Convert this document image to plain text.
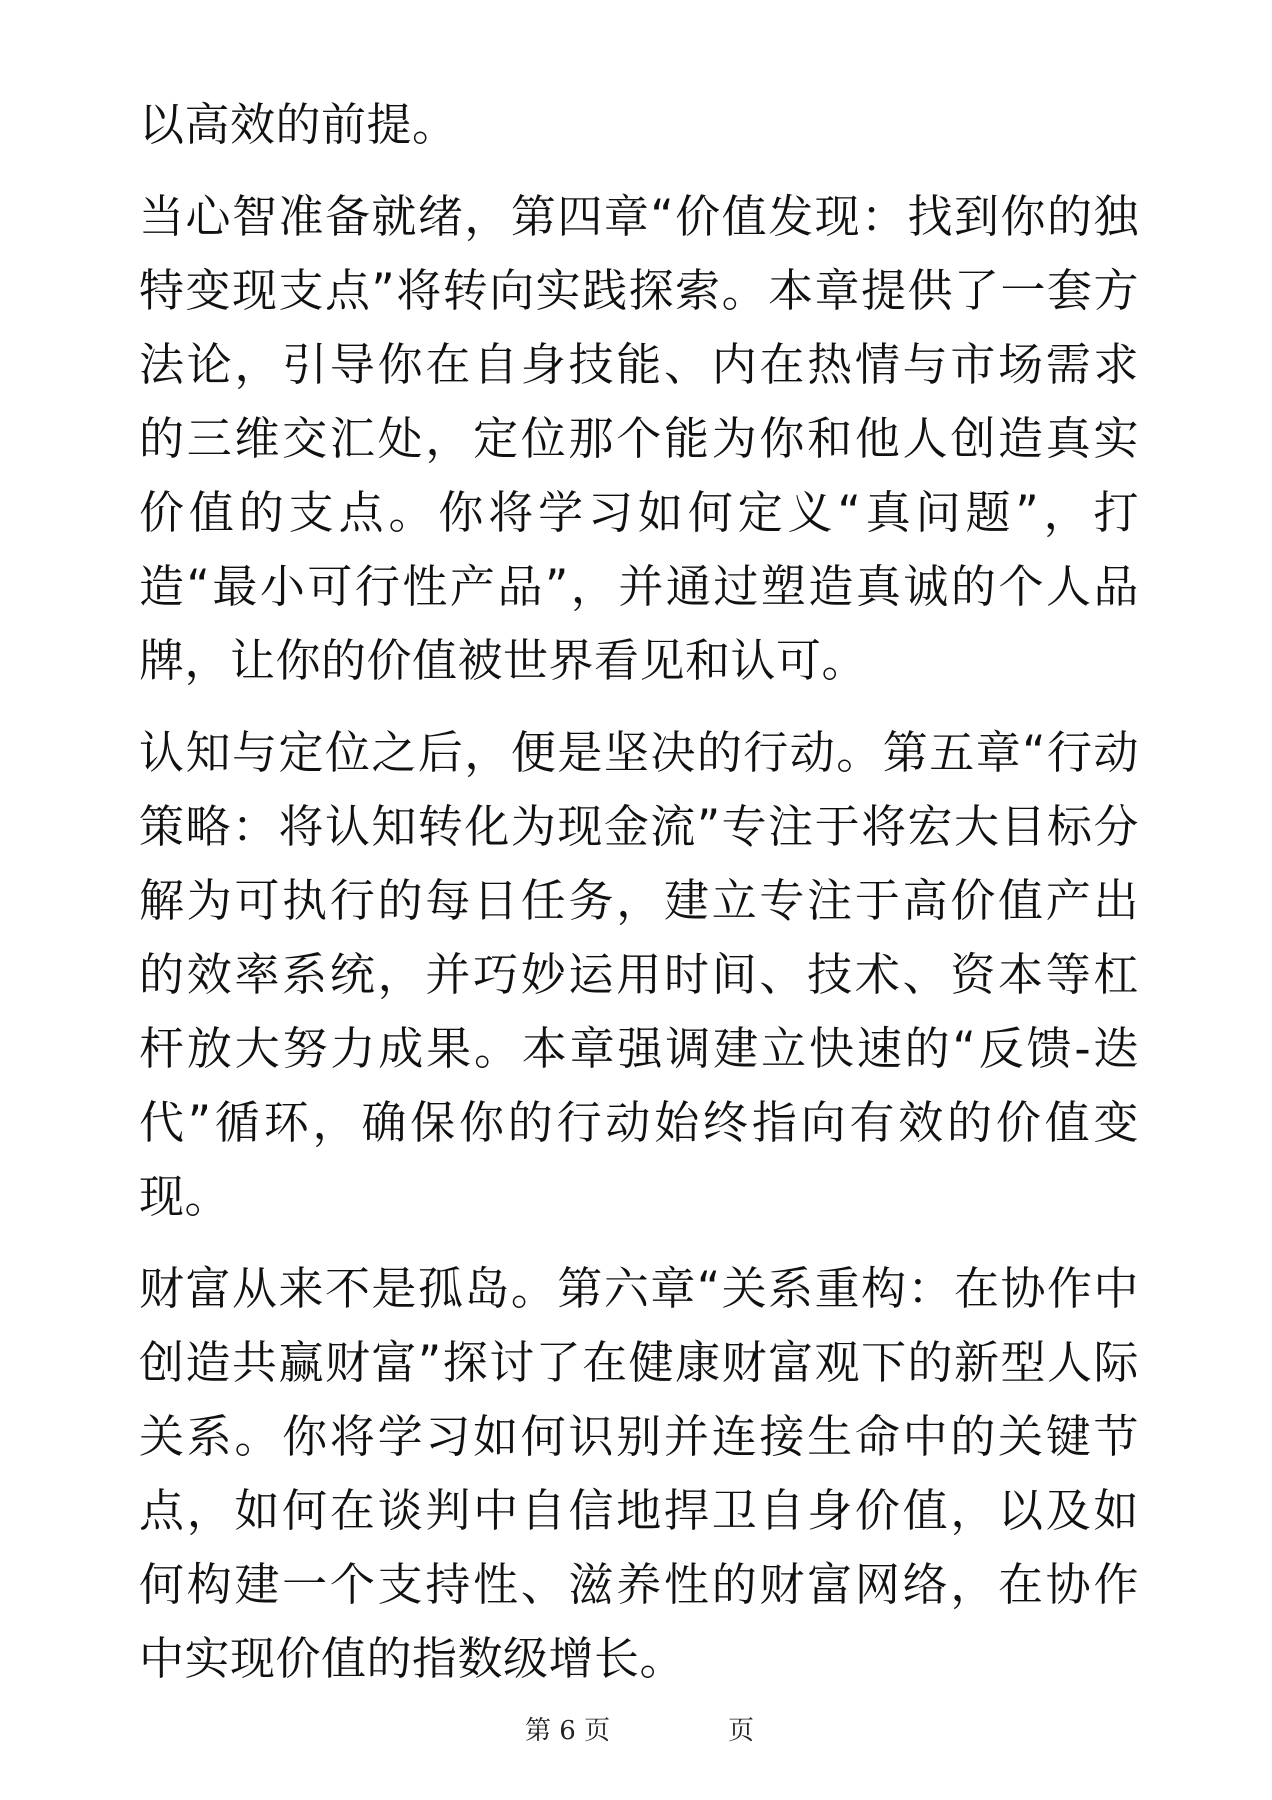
以高效的前提。

当心智准备就绪，第四章“价值发现：找到你的独特变现支点”将转向实践探索。本章提供了一套方法论，引导你在自身技能、内在热情与市场需求的三维交汇处，定位那个能为你和他人创造真实价值的支点。你将学习如何定义“真问题”，打造“最小可行性产品”，并通过塑造真诚的个人品牌，让你的价值被世界看见和认可。

认知与定位之后，便是坚决的行动。第五章“行动策略：将认知转化为现金流”专注于将宏大目标分解为可执行的每日任务，建立专注于高价值产出的效率系统，并巧妙运用时间、技术、资本等杠杆放大努力成果。本章强调建立快速的“反馈-迭代”循环，确保你的行动始终指向有效的价值变现。

财富从来不是孤岛。第六章“关系重构：在协作中创造共赢财富”探讨了在健康财富观下的新型人际关系。你将学习如何识别并连接生命中的关键节点，如何在谈判中自信地捍卫自身价值，以及如何构建一个支持性、滋养性的财富网络，在协作中实现价值的指数级增长。

第 6 页	页
